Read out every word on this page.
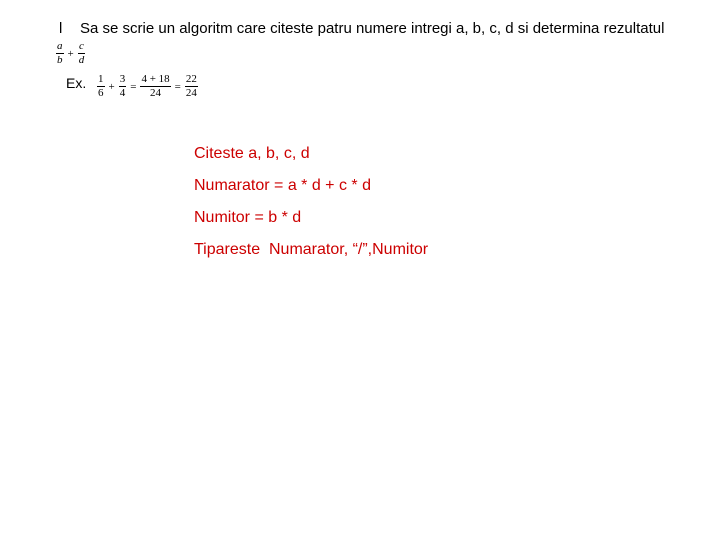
l Sa se scrie un algoritm care citeste patru numere intregi a, b, c, d si determina rezultatul
$\frac{a}{b} + \frac{c}{d}$
Ex. $\frac{1}{6} + \frac{3}{4} = \frac{4 + 18}{24} = \frac{22}{24}$
Citeste a, b, c, d
Numarator = a * d + c * d
Numitor = b * d
Tipareste  Numarator, “/”,Numitor
